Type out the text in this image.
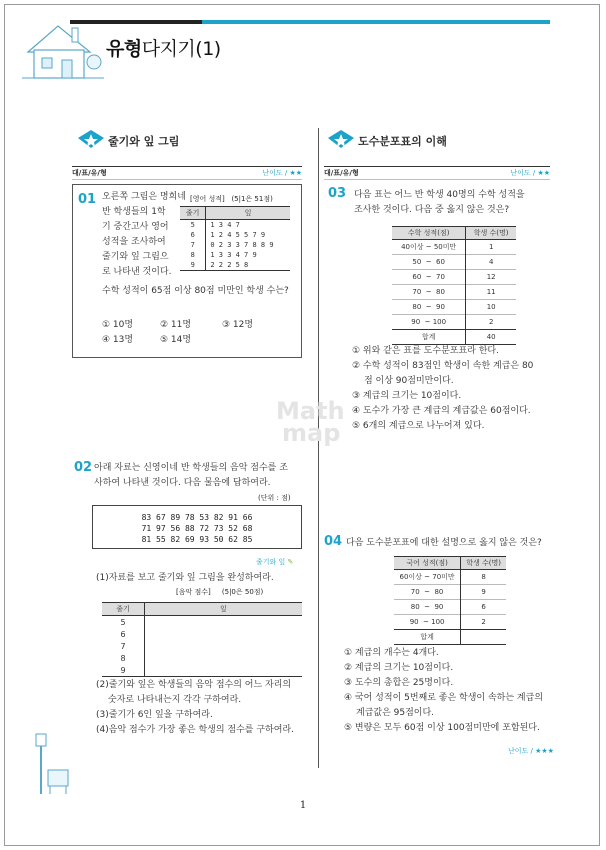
유형다지기(1)
줄기와 잎 그림
대/표/유/형	난이도 / ★★
01 오른쪽 그림은 명희네
반 학생들의 1학
기 중간고사 영어
성적을 조사하여
줄기와 잎 그림으
로 나타낸 것이다.
[영어 성적] (5|1은 51점)
줄기	잎
5	1 3 4 7
6	1 2 4 5 5 7 9
7	0 2 3 3 7 8 8 9
8	1 3 3 4 7 9
9	2 2 2 5 8
수학 성적이 65점 이상 80점 미만인 학생 수는?
① 10명	② 11명	③ 12명
④ 13명	⑤ 14명
02 아래 자료는 신영이네 반 학생들의 음악 점수를 조
사하여 나타낸 것이다. 다음 물음에 답하여라.
(단위 : 점)
83 67 89 78 53 82 91 66
71 97 56 88 72 73 52 68
81 55 82 69 93 50 62 85
줄기와 잎 ✎
(1)자료를 보고 줄기와 잎 그림을 완성하여라.
[음악 점수] (5|0은 50점)
줄기	잎
5	
6	
7	
8	
9	
(2)줄기와 잎은 학생들의 음악 점수의 어느 자리의
숫자로 나타내는지 각각 구하여라.
(3)줄기가 6인 잎을 구하여라.
(4)음악 점수가 가장 좋은 학생의 점수를 구하여라.
도수분포표의 이해
대/표/유/형	난이도 / ★★
03 다음 표는 어느 반 학생 40명의 수학 성적을
조사한 것이다. 다음 중 옳지 않은 것은?
수학 성적(점)	학생 수(명)
40이상 ~ 50미만	1
50  ~  60	4
60  ~  70	12
70  ~  80	11
80  ~  90	10
90  ~ 100	2
합계	40
① 위와 같은 표를 도수분포표라 한다.
② 수학 성적이 83점인 학생이 속한 계급은 80
점 이상 90점미만이다.
③ 계급의 크기는 10점이다.
④ 도수가 가장 큰 계급의 계급값은 60점이다.
⑤ 6개의 계급으로 나누어져 있다.
Math
map
04 다음 도수분포표에 대한 설명으로 옳지 않은 것은?
국어 성적(점)	학생 수(명)
60이상 ~ 70미만	8
70  ~  80	9
80  ~  90	6
90  ~ 100	2
합계	
① 계급의 개수는 4개다.
② 계급의 크기는 10점이다.
③ 도수의 총합은 25명이다.
④ 국어 성적이 5번째로 좋은 학생이 속하는 계급의
계급값은 95점이다.
⑤ 변량은 모두 60점 이상 100점미만에 포함된다.
난이도 / ★★★
1
